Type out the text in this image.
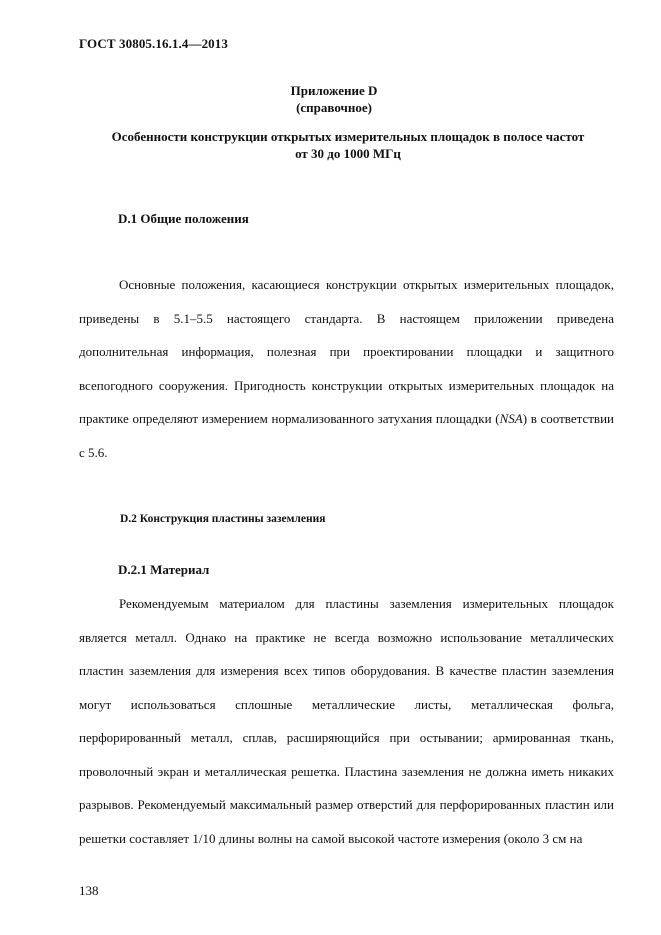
ГОСТ 30805.16.1.4—2013
Приложение D
(справочное)
Особенности конструкции открытых измерительных площадок в полосе частот
от 30 до 1000 МГц
D.1 Общие положения
Основные положения, касающиеся конструкции открытых измерительных площадок, приведены в 5.1–5.5 настоящего стандарта. В настоящем приложении приведена дополнительная информация, полезная при проектировании площадки и защитного всепогодного сооружения. Пригодность конструкции открытых измерительных площадок на практике определяют измерением нормализованного затухания площадки (NSA) в соответствии с 5.6.
D.2 Конструкция пластины заземления
D.2.1 Материал
Рекомендуемым материалом для пластины заземления измерительных площадок является металл. Однако на практике не всегда возможно использование металлических пластин заземления для измерения всех типов оборудования. В качестве пластин заземления могут использоваться сплошные металлические листы, металлическая фольга, перфорированный металл, сплав, расширяющийся при остывании; армированная ткань, проволочный экран и металлическая решетка. Пластина заземления не должна иметь никаких разрывов. Рекомендуемый максимальный размер отверстий для перфорированных пластин или решетки составляет 1/10 длины волны на самой высокой частоте измерения (около 3 см на
138
